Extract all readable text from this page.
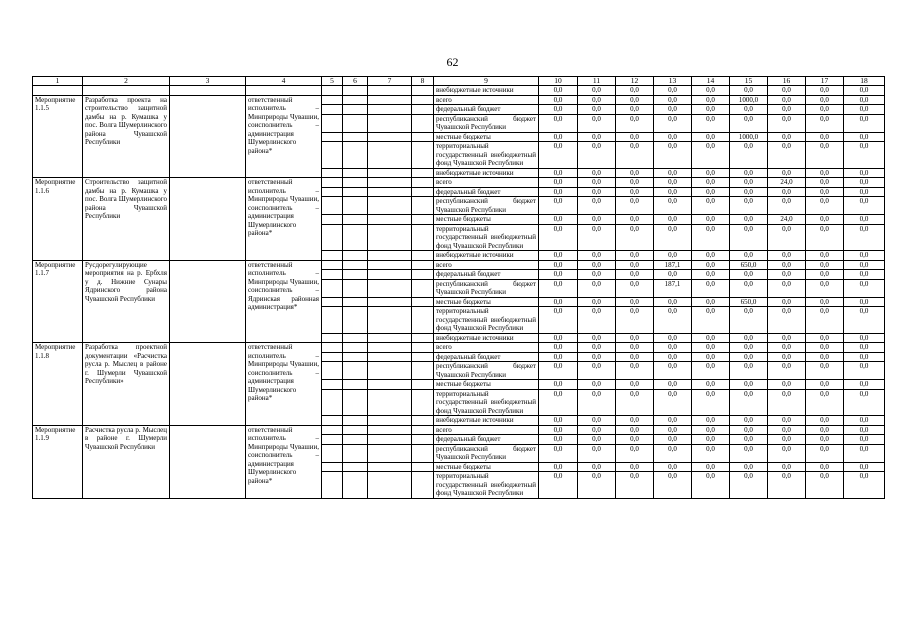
62
1	2	3	4	5	6	7	8	9	10	11	12	13	14	15	16	17	18
								внебюджетные источники	0,0	0,0	0,0	0,0	0,0	0,0	0,0	0,0	0,0
Мероприятие 1.1.5	Разработка проекта на строительство защитной дамбы на р. Кумашка у пос. Волга Шумерлинского района Чувашской Республики		ответственный исполнитель – Минприроды Чувашии, соисполнитель – администрация Шумерлинского района*					всего	0,0	0,0	0,0	0,0	0,0	1000,0	0,0	0,0	0,0
								федеральный бюджет	0,0	0,0	0,0	0,0	0,0	0,0	0,0	0,0	0,0
								республиканский бюджет Чувашской Республики	0,0	0,0	0,0	0,0	0,0	0,0	0,0	0,0	0,0
								местные бюджеты	0,0	0,0	0,0	0,0	0,0	1000,0	0,0	0,0	0,0
								территориальный государственный внебюджетный фонд Чувашской Республики	0,0	0,0	0,0	0,0	0,0	0,0	0,0	0,0	0,0
								внебюджетные источники	0,0	0,0	0,0	0,0	0,0	0,0	0,0	0,0	0,0
Мероприятие 1.1.6	Строительство защитной дамбы на р. Кумашка у пос. Волга Шумерлинского района Чувашской Республики		ответственный исполнитель – Минприроды Чувашии, соисполнитель – администрация Шумерлинского района*					всего	0,0	0,0	0,0	0,0	0,0	0,0	24,0	0,0	0,0
								федеральный бюджет	0,0	0,0	0,0	0,0	0,0	0,0	0,0	0,0	0,0
								республиканский бюджет Чувашской Республики	0,0	0,0	0,0	0,0	0,0	0,0	0,0	0,0	0,0
								местные бюджеты	0,0	0,0	0,0	0,0	0,0	0,0	24,0	0,0	0,0
								территориальный государственный внебюджетный фонд Чувашской Республики	0,0	0,0	0,0	0,0	0,0	0,0	0,0	0,0	0,0
								внебюджетные источники	0,0	0,0	0,0	0,0	0,0	0,0	0,0	0,0	0,0
Мероприятие 1.1.7	Русдорегулирующие мероприятия на р. Ербхля у д. Нижние Сунары Ядринского района Чувашской Республики		ответственный исполнитель – Минприроды Чувашии, соисполнитель – Ядринская районная администрация*					всего	0,0	0,0	0,0	187,1	0,0	650,0	0,0	0,0	0,0
								федеральный бюджет	0,0	0,0	0,0	0,0	0,0	0,0	0,0	0,0	0,0
								республиканский бюджет Чувашской Республики	0,0	0,0	0,0	187,1	0,0	0,0	0,0	0,0	0,0
								местные бюджеты	0,0	0,0	0,0	0,0	0,0	650,0	0,0	0,0	0,0
								территориальный государственный внебюджетный фонд Чувашской Республики	0,0	0,0	0,0	0,0	0,0	0,0	0,0	0,0	0,0
								внебюджетные источники	0,0	0,0	0,0	0,0	0,0	0,0	0,0	0,0	0,0
Мероприятие 1.1.8	Разработка проектной документации «Расчистка русла р. Мыслец в районе г. Шумерли Чувашской Республики»		ответственный исполнитель – Минприроды Чувашии, соисполнитель – администрация Шумерлинского района*					всего	0,0	0,0	0,0	0,0	0,0	0,0	0,0	0,0	0,0
								федеральный бюджет	0,0	0,0	0,0	0,0	0,0	0,0	0,0	0,0	0,0
								республиканский бюджет Чувашской Республики	0,0	0,0	0,0	0,0	0,0	0,0	0,0	0,0	0,0
								местные бюджеты	0,0	0,0	0,0	0,0	0,0	0,0	0,0	0,0	0,0
								территориальный государственный внебюджетный фонд Чувашской Республики	0,0	0,0	0,0	0,0	0,0	0,0	0,0	0,0	0,0
								внебюджетные источники	0,0	0,0	0,0	0,0	0,0	0,0	0,0	0,0	0,0
Мероприятие 1.1.9	Расчистка русла р. Мыслец в районе г. Шумерли Чувашской Республики		ответственный исполнитель – Минприроды Чувашии, соисполнитель – администрация Шумерлинского района*					всего	0,0	0,0	0,0	0,0	0,0	0,0	0,0	0,0	0,0
								федеральный бюджет	0,0	0,0	0,0	0,0	0,0	0,0	0,0	0,0	0,0
								республиканский бюджет Чувашской Республики	0,0	0,0	0,0	0,0	0,0	0,0	0,0	0,0	0,0
								местные бюджеты	0,0	0,0	0,0	0,0	0,0	0,0	0,0	0,0	0,0
								территориальный государственный внебюджетный фонд Чувашской Республики	0,0	0,0	0,0	0,0	0,0	0,0	0,0	0,0	0,0
